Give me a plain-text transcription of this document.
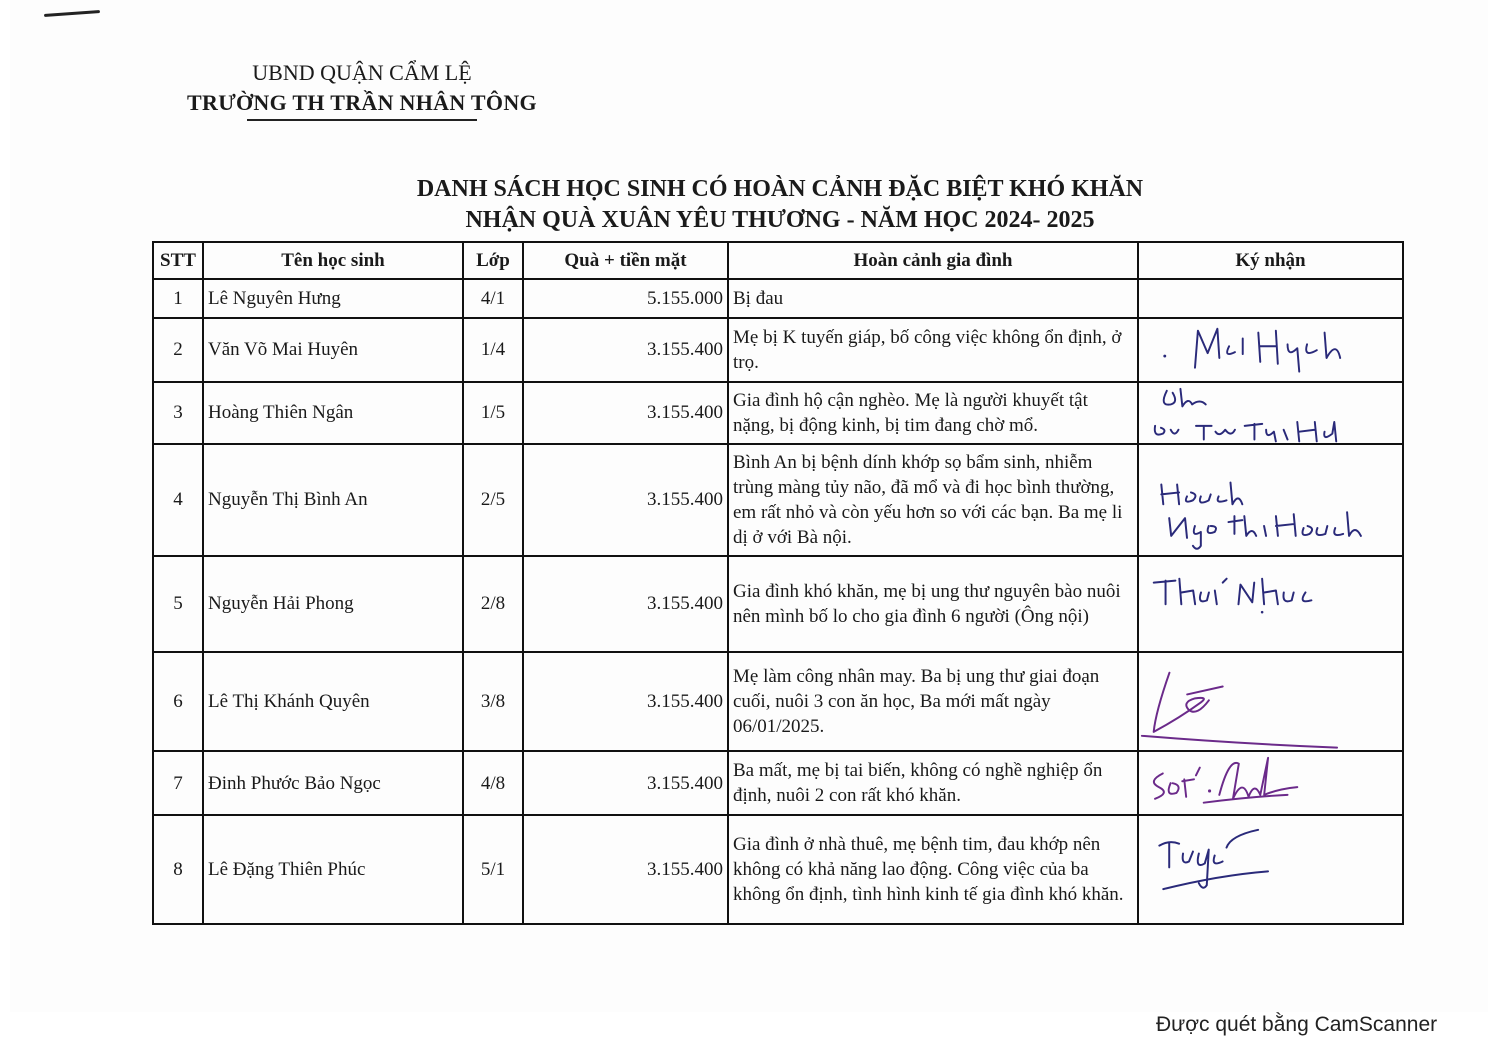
UBND QUẬN CẨM LỆ
TRƯỜNG TH TRẦN NHÂN TÔNG
DANH SÁCH HỌC SINH CÓ HOÀN CẢNH ĐẶC BIỆT KHÓ KHĂN
NHẬN QUÀ XUÂN YÊU THƯƠNG - NĂM HỌC 2024- 2025
STT	Tên học sinh	Lớp	Quà + tiền mặt	Hoàn cảnh gia đình	Ký nhận
1	Lê Nguyên Hưng	4/1	5.155.000	Bị đau	
2	Văn Võ Mai Huyên	1/4	3.155.400	Mẹ bị K tuyến giáp, bố công việc không ổn định, ở trọ.	

3	Hoàng Thiên Ngân	1/5	3.155.400	Gia đình hộ cận nghèo. Mẹ là người khuyết tật nặng, bị động kinh, bị tim đang chờ mổ.	

4	Nguyễn Thị Bình An	2/5	3.155.400	Bình An bị bệnh dính khớp sọ bẩm sinh, nhiễm trùng màng tủy não, đã mổ và đi học bình thường, em rất nhỏ và còn yếu hơn so với các bạn. Ba mẹ li dị ở với Bà nội.	

5	Nguyễn Hải Phong	2/8	3.155.400	Gia đình khó khăn, mẹ bị ung thư nguyên bào nuôi nên mình bố lo cho gia đình 6 người (Ông nội)	

6	Lê Thị Khánh Quyên	3/8	3.155.400	Mẹ làm công nhân may. Ba bị ung thư giai đoạn cuối, nuôi 3 con ăn học, Ba mới mất ngày 06/01/2025.	

7	Đinh Phước Bảo Ngọc	4/8	3.155.400	Ba mất, mẹ bị tai biến, không có nghề nghiệp ổn định, nuôi 2 con rất khó khăn.	

8	Lê Đặng Thiên Phúc	5/1	3.155.400	Gia đình ở nhà thuê, mẹ bệnh tim, đau khớp nên không có khả năng lao động. Công việc của ba không ổn định, tình hình kinh tế gia đình khó khăn.	
Được quét bằng CamScanner
